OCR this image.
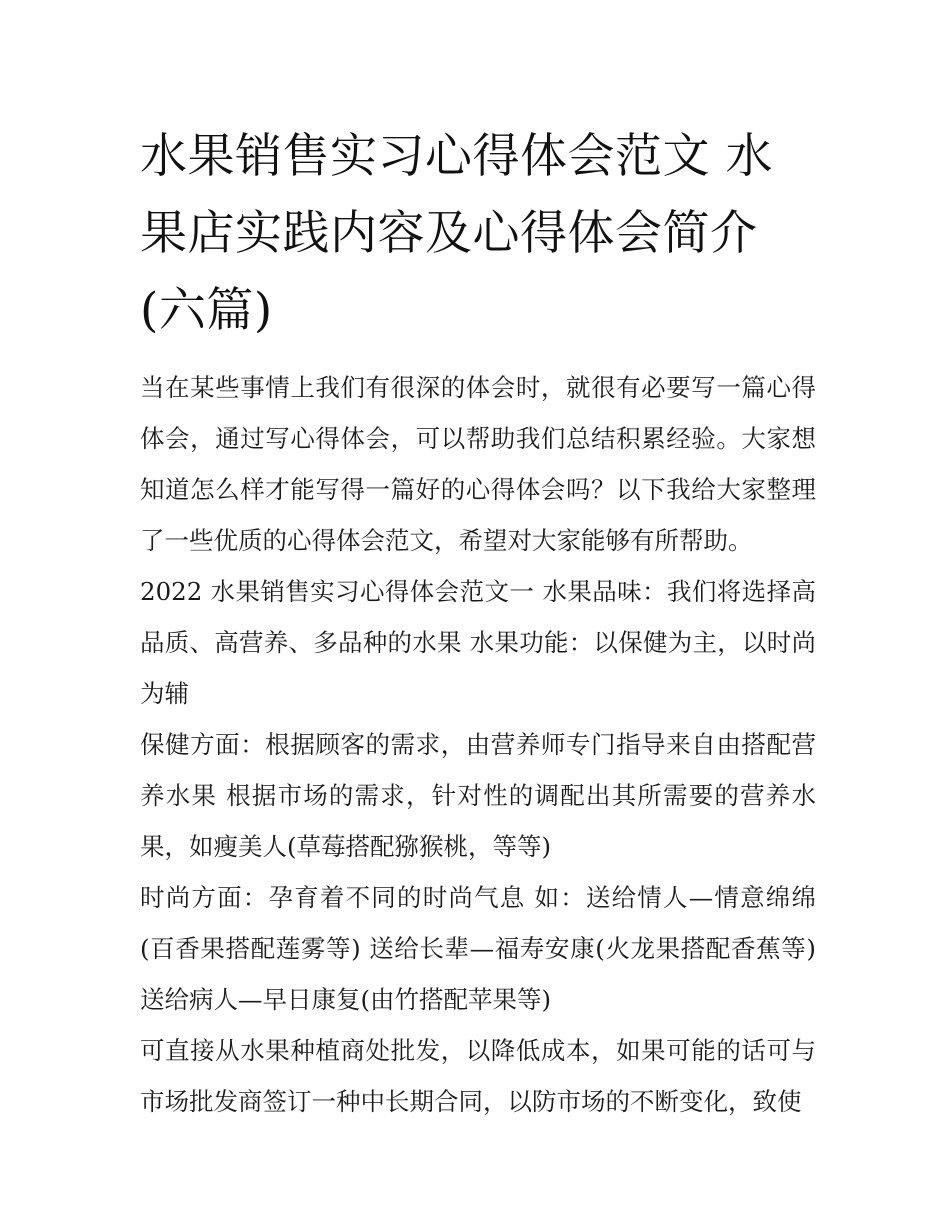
水果销售实习心得体会范文 水果店实践内容及心得体会简介(六篇)

当在某些事情上我们有很深的体会时，就很有必要写一篇心得体会，通过写心得体会，可以帮助我们总结积累经验。大家想知道怎么样才能写得一篇好的心得体会吗？以下我给大家整理了一些优质的心得体会范文，希望对大家能够有所帮助。

2022 水果销售实习心得体会范文一 水果品味：我们将选择高品质、高营养、多品种的水果 水果功能：以保健为主，以时尚为辅

保健方面：根据顾客的需求，由营养师专门指导来自由搭配营养水果 根据市场的需求，针对性的调配出其所需要的营养水果，如瘦美人(草莓搭配猕猴桃，等等)

时尚方面：孕育着不同的时尚气息 如：送给情人—情意绵绵(百香果搭配莲雾等) 送给长辈—福寿安康(火龙果搭配香蕉等) 送给病人—早日康复(由竹搭配苹果等)

可直接从水果种植商处批发，以降低成本，如果可能的话可与市场批发商签订一种中长期合同，以防市场的不断变化，致使
